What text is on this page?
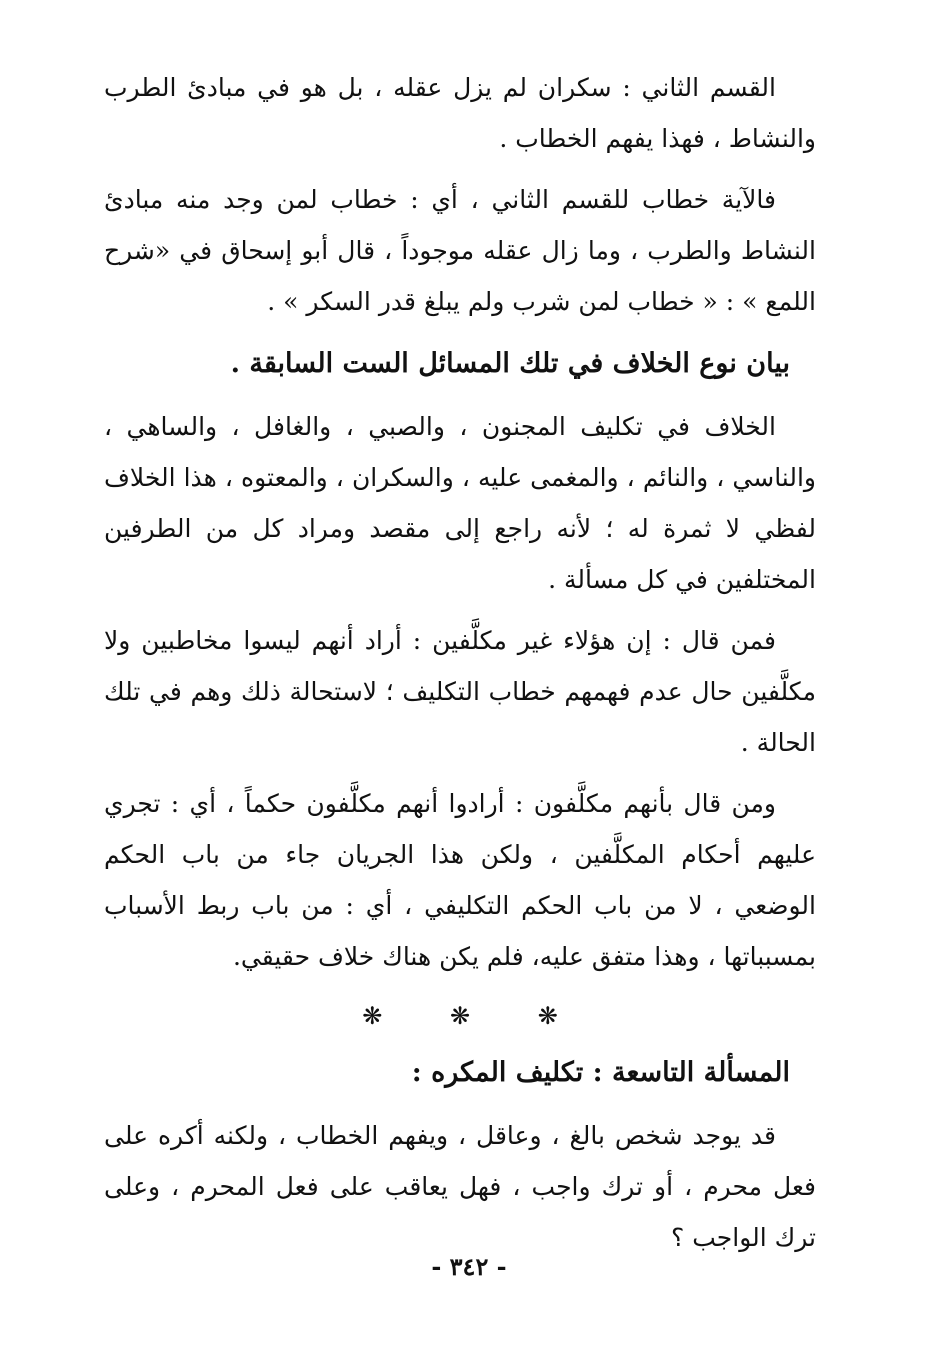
القسم الثاني : سكران لم يزل عقله ، بل هو في مبادئ الطرب والنشاط ، فهذا يفهم الخطاب .

فالآية خطاب للقسم الثاني ، أي : خطاب لمن وجد منه مبادئ النشاط والطرب ، وما زال عقله موجوداً ، قال أبو إسحاق في «شرح اللمع » : « خطاب لمن شرب ولم يبلغ قدر السكر » .

بيان نوع الخلاف في تلك المسائل الست السابقة .

الخلاف في تكليف المجنون ، والصبي ، والغافل ، والساهي ، والناسي ، والنائم ، والمغمى عليه ، والسكران ، والمعتوه ، هذا الخلاف لفظي لا ثمرة له ؛ لأنه راجع إلى مقصد ومراد كل من الطرفين المختلفين في كل مسألة .

فمن قال : إن هؤلاء غير مكلَّفين : أراد أنهم ليسوا مخاطبين ولا مكلَّفين حال عدم فهمهم خطاب التكليف ؛ لاستحالة ذلك وهم في تلك الحالة .

ومن قال بأنهم مكلَّفون : أرادوا أنهم مكلَّفون حكماً ، أي : تجري عليهم أحكام المكلَّفين ، ولكن هذا الجريان جاء من باب الحكم الوضعي ، لا من باب الحكم التكليفي ، أي : من باب ربط الأسباب بمسبباتها ، وهذا متفق عليه، فلم يكن هناك خلاف حقيقي.

❋	❋	❋

المسألة التاسعة : تكليف المكره :

قد يوجد شخص بالغ ، وعاقل ، ويفهم الخطاب ، ولكنه أكره على فعل محرم ، أو ترك واجب ، فهل يعاقب على فعل المحرم ، وعلى ترك الواجب ؟

- ٣٤٢ -
